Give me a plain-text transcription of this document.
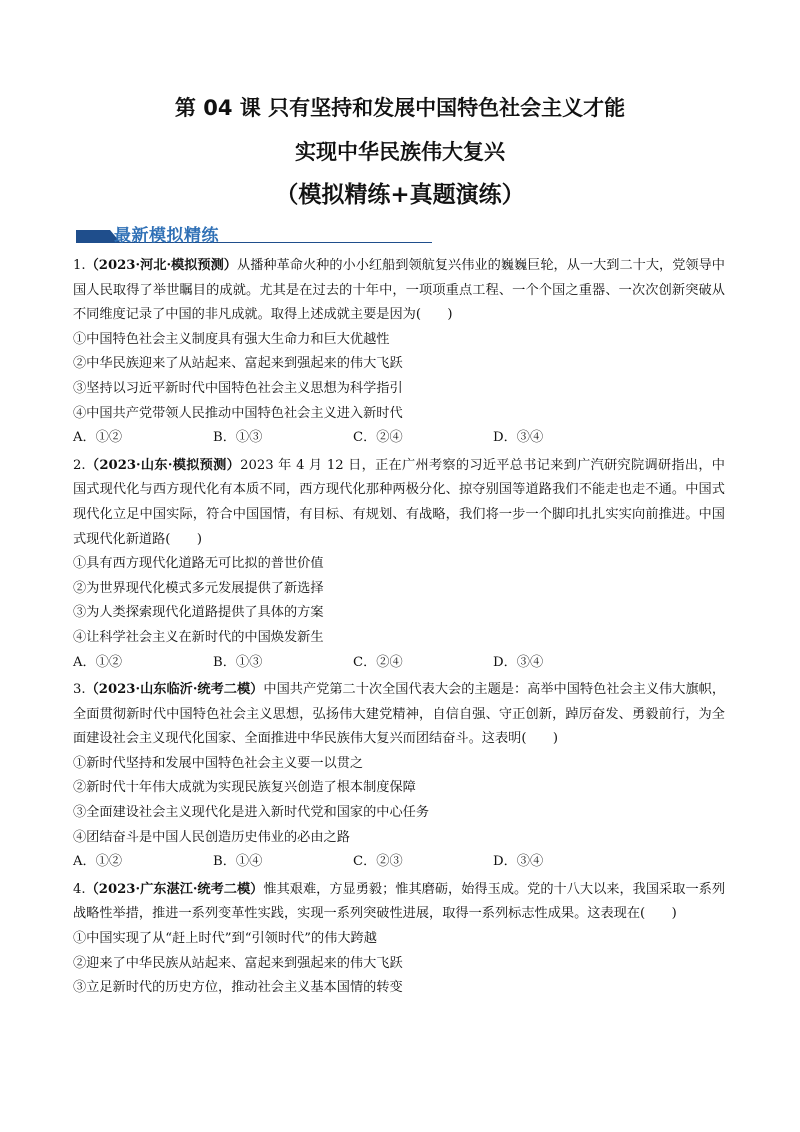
第 04 课 只有坚持和发展中国特色社会主义才能
实现中华民族伟大复兴
（模拟精练+真题演练）
最新模拟精练

1.（2023·河北·模拟预测）从播种革命火种的小小红船到领航复兴伟业的巍巍巨轮，从一大到二十大，党领导中国人民取得了举世瞩目的成就。尤其是在过去的十年中，一项项重点工程、一个个国之重器、一次次创新突破从不同维度记录了中国的非凡成就。取得上述成就主要是因为(　　)

①中国特色社会主义制度具有强大生命力和巨大优越性

②中华民族迎来了从站起来、富起来到强起来的伟大飞跃

③坚持以习近平新时代中国特色社会主义思想为科学指引

④中国共产党带领人民推动中国特色社会主义进入新时代

A．①②	B．①③	C．②④	D．③④

2.（2023·山东·模拟预测）2023 年 4 月 12 日，正在广州考察的习近平总书记来到广汽研究院调研指出，中国式现代化与西方现代化有本质不同，西方现代化那种两极分化、掠夺别国等道路我们不能走也走不通。中国式现代化立足中国实际，符合中国国情，有目标、有规划、有战略，我们将一步一个脚印扎扎实实向前推进。中国式现代化新道路(　　)

①具有西方现代化道路无可比拟的普世价值

②为世界现代化模式多元发展提供了新选择

③为人类探索现代化道路提供了具体的方案

④让科学社会主义在新时代的中国焕发新生

A．①②	B．①③	C．②④	D．③④

3.（2023·山东临沂·统考二模）中国共产党第二十次全国代表大会的主题是：高举中国特色社会主义伟大旗帜，全面贯彻新时代中国特色社会主义思想，弘扬伟大建党精神，自信自强、守正创新，踔厉奋发、勇毅前行，为全面建设社会主义现代化国家、全面推进中华民族伟大复兴而团结奋斗。这表明(　　)

①新时代坚持和发展中国特色社会主义要一以贯之

②新时代十年伟大成就为实现民族复兴创造了根本制度保障

③全面建设社会主义现代化是进入新时代党和国家的中心任务

④团结奋斗是中国人民创造历史伟业的必由之路

A．①②	B．①④	C．②③	D．③④

4.（2023·广东湛江·统考二模）惟其艰难，方显勇毅；惟其磨砺，始得玉成。党的十八大以来，我国采取一系列战略性举措，推进一系列变革性实践，实现一系列突破性进展，取得一系列标志性成果。这表现在(　　)

①中国实现了从“赶上时代”到“引领时代”的伟大跨越

②迎来了中华民族从站起来、富起来到强起来的伟大飞跃

③立足新时代的历史方位，推动社会主义基本国情的转变
